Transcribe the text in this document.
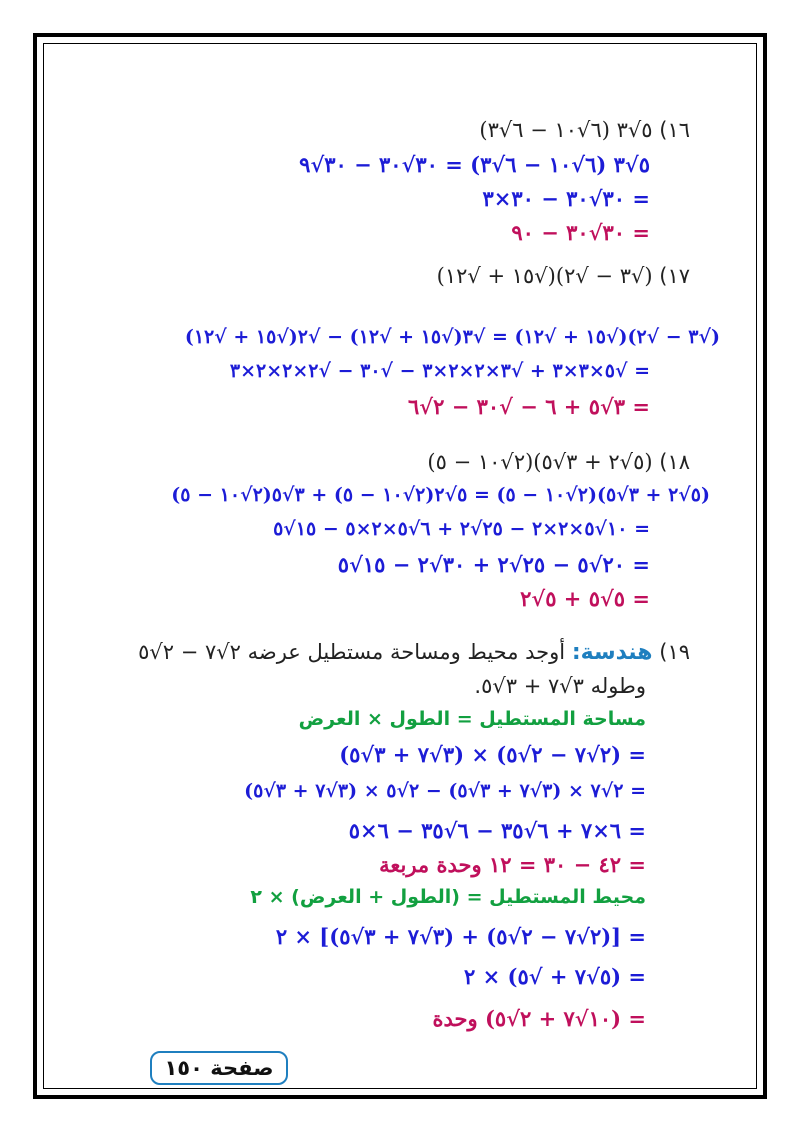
١٦) ٥√٣ (٦√١٠ − ٦√٣)
٥√٣ (٦√١٠ − ٦√٣) = ٣٠√٣٠ − ٣٠√٩
= ٣٠√٣٠ − ٣٠×٣
= ٣٠√٣٠ − ٩٠
١٧) (√٣ − √٢)(√١٥ + √١٢)
(√٣ − √٢)(√١٥ + √١٢) = √٣(√١٥ + √١٢) − √٢(√١٥ + √١٢)
= √٥×٣×٣ + √٣×٢×٢×٣ − √٣٠ − √٢×٢×٢×٣
= ٣√٥ + ٦ − √٣٠ − ٢√٦
١٨) (٥√٢ + ٣√٥)(٢√١٠ − ٥)
(٥√٢ + ٣√٥)(٢√١٠ − ٥) = ٥√٢(٢√١٠ − ٥) + ٣√٥(٢√١٠ − ٥)
= ١٠√٥×٢×٢ − ٢٥√٢ + ٦√٥×٢×٥ − ١٥√٥
= ٢٠√٥ − ٢٥√٢ + ٣٠√٢ − ١٥√٥
= ٥√٥ + ٥√٢
١٩) هندسة: أوجد محيط ومساحة مستطيل عرضه ٢√٧ − ٢√٥
وطوله ٣√٧ + ٣√٥.
مساحة المستطيل = الطول × العرض
= (٢√٧ − ٢√٥) × (٣√٧ + ٣√٥)
= ٢√٧ × (٣√٧ + ٣√٥) − ٢√٥ × (٣√٧ + ٣√٥)
= ٦×٧ + ٦√٣٥ − ٦√٣٥ − ٦×٥
= ٤٢ − ٣٠ = ١٢ وحدة مربعة
محيط المستطيل = (الطول + العرض) × ٢
= [(٢√٧ − ٢√٥) + (٣√٧ + ٣√٥)] × ٢
= (٥√٧ + √٥) × ٢
= (١٠√٧ + ٢√٥) وحدة
صفحة ١٥٠
